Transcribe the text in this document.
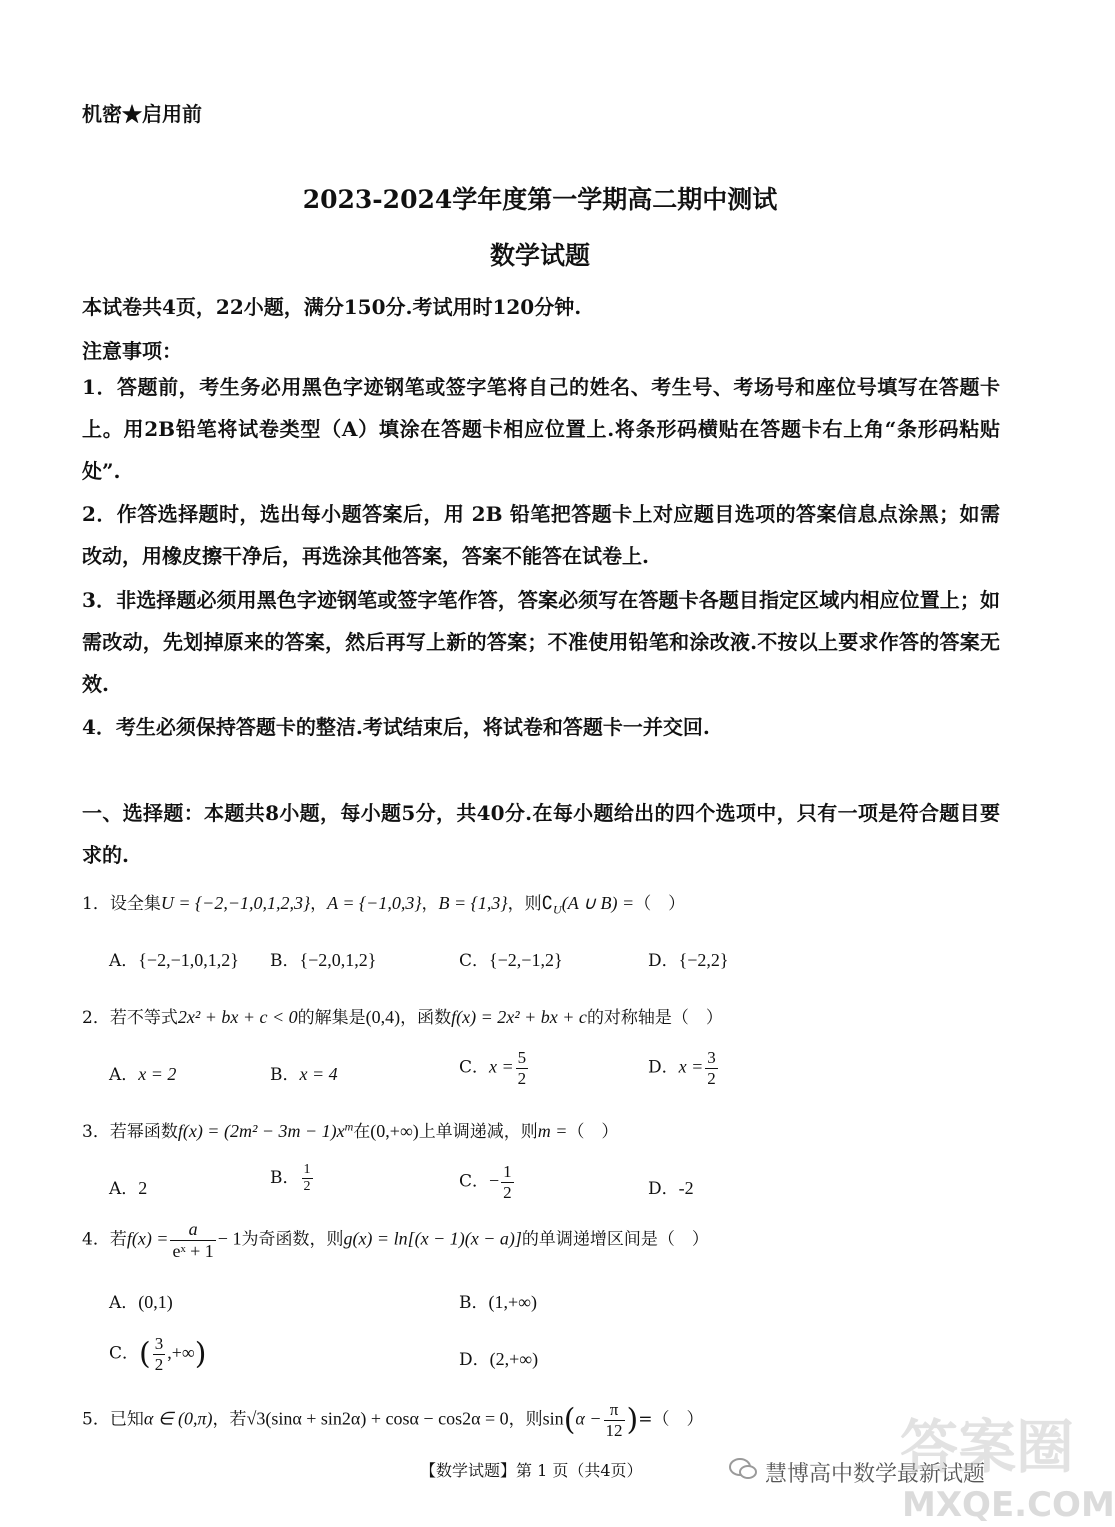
机密★启用前
2023-2024学年度第一学期高二期中测试
数学试题
本试卷共4页，22小题，满分150分.考试用时120分钟.
注意事项：
1．答题前，考生务必用黑色字迹钢笔或签字笔将自己的姓名、考生号、考场号和座位号填写在答题卡上。用2B铅笔将试卷类型（A）填涂在答题卡相应位置上.将条形码横贴在答题卡右上角“条形码粘贴处”.
2．作答选择题时，选出每小题答案后，用 2B 铅笔把答题卡上对应题目选项的答案信息点涂黑；如需改动，用橡皮擦干净后，再选涂其他答案，答案不能答在试卷上.
3．非选择题必须用黑色字迹钢笔或签字笔作答，答案必须写在答题卡各题目指定区域内相应位置上；如需改动，先划掉原来的答案，然后再写上新的答案；不准使用铅笔和涂改液.不按以上要求作答的答案无效.
4．考生必须保持答题卡的整洁.考试结束后，将试卷和答题卡一并交回.
一、选择题：本题共8小题，每小题5分，共40分.在每小题给出的四个选项中，只有一项是符合题目要求的.
1．设全集U = {−2,−1,0,1,2,3}，A = {−1,0,3}，B = {1,3}，则$∁_U(A$ ∪ B) =（　）
A．{−2,−1,0,1,2} B．{−2,0,1,2}	C．{−2,−1,2}	D．{−2,2}
2．若不等式2x² + bx + c < 0的解集是(0,4)，函数f(x) = 2x² + bx + c的对称轴是（　）
A．x = 2	B．x = 4	C．$x = \frac{5}{2}$	D．$x = \frac{3}{2}$
3．若幂函数$f(x) = (2m^2 - 3m - 1)x^m$在(0,+∞)上单调递减，则m =（　）
A．2	B． $\frac{1}{2}$	C．− $\frac{1}{2}$	D．-2
4．若$f(x) = \frac{a}{\text{eˣ + 1}} - 1$为奇函数，则g(x) = ln[(x − 1)(x − a)]的单调递增区间是（　）
A．(0,1)	B．(1,+∞)
C．( $\frac{3}{2}$ ,+∞)	D．(2,+∞)
5．已知α ∈ (0,π)，若√3(sinα + sin2α) + cosα − cos2α = 0，则$\sin(\alpha - \frac{\pi}{12}$ )=（　）
【数学试题】第 1 页（共4页）	慧博高中数学最新试题
答案圈
MXQE.COM
